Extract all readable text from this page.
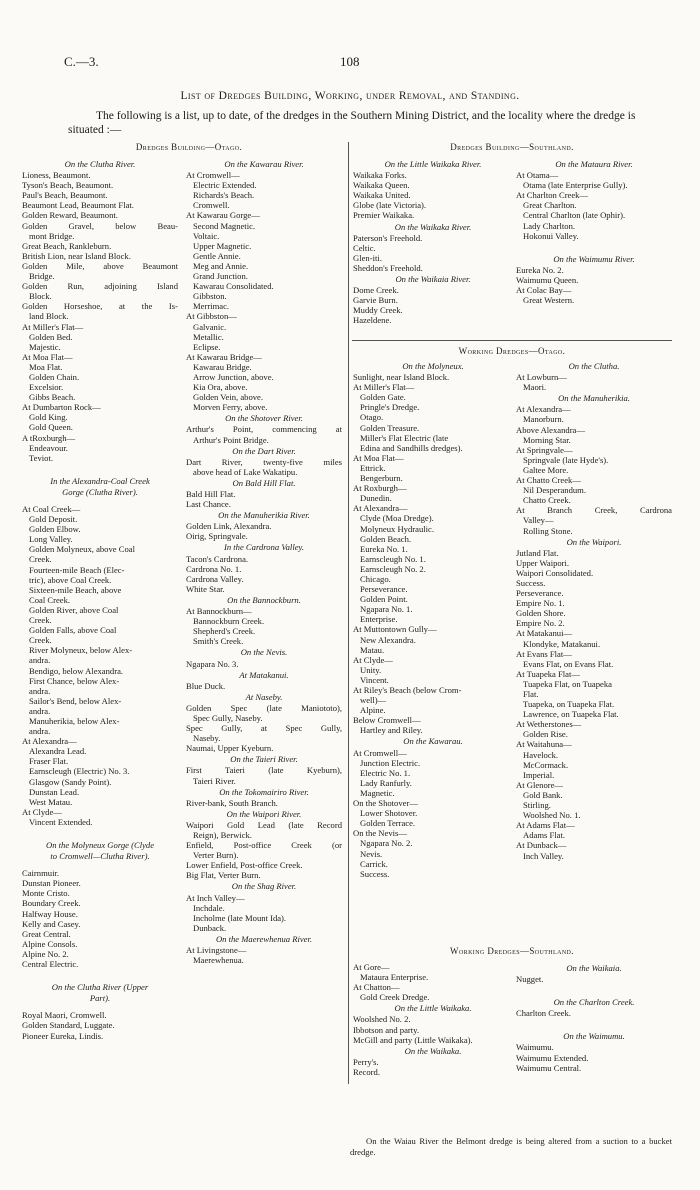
C.—3.	108
List of Dredges Building, Working, under Removal, and Standing.
The following is a list, up to date, of the dredges in the Southern Mining District, and the locality where the dredge is situated :—
Dredges Building—Otago.
On the Clutha River.
Lioness, Beaumont.
Tyson's Beach, Beaumont.
Paul's Beach, Beaumont.
Beaumont Lead, Beaumont Flat.
Golden Reward, Beaumont.
Golden Gravel, below Beau-
mont Bridge.
Great Beach, Rankleburn.
British Lion, near Island Block.
Golden Mile, above Beaumont
Bridge.
Golden Run, adjoining Island
Block.
Golden Horseshoe, at the Is-
land Block.
At Miller's Flat—
Golden Bed.
Majestic.
At Moa Flat—
Moa Flat.
Golden Chain.
Excelsior.
Gibbs Beach.
At Dumbarton Rock—
Gold King.
Gold Queen.
A tRoxburgh—
Endeavour.
Teviot.
In the Alexandra-Coal Creek
Gorge (Clutha River).
At Coal Creek—
Gold Deposit.
Golden Elbow.
Long Valley.
Golden Molyneux, above Coal
Creek.
Fourteen-mile Beach (Elec-
tric), above Coal Creek.
Sixteen-mile Beach, above
Coal Creek.
Golden River, above Coal
Creek.
Golden Falls, above Coal
Creek.
River Molyneux, below Alex-
andra.
Bendigo, below Alexandra.
First Chance, below Alex-
andra.
Sailor's Bend, below Alex-
andra.
Manuherikia, below Alex-
andra.
At Alexandra—
Alexandra Lead.
Fraser Flat.
Earnscleugh (Electric) No. 3.
Glasgow (Sandy Point).
Dunstan Lead.
West Matau.
At Clyde—
Vincent Extended.
On the Molyneux Gorge (Clyde
to Cromwell—Clutha River).
Cairnmuir.
Dunstan Pioneer.
Monte Cristo.
Boundary Creek.
Halfway House.
Kelly and Casey.
Great Central.
Alpine Consols.
Alpine No. 2.
Central Electric.
On the Clutha River (Upper
Part).
Royal Maori, Cromwell.
Golden Standard, Luggate.
Pioneer Eureka, Lindis.
On the Kawarau River.
At Cromwell—
Electric Extended.
Richards's Beach.
Cromwell.
At Kawarau Gorge—
Second Magnetic.
Voltaic.
Upper Magnetic.
Gentle Annie.
Meg and Annie.
Grand Junction.
Kawarau Consolidated.
Gibbston.
Merrimac.
At Gibbston—
Galvanic.
Metallic.
Eclipse.
At Kawarau Bridge—
Kawarau Bridge.
Arrow Junction, above.
Kia Ora, above.
Golden Vein, above.
Morven Ferry, above.
On the Shotover River.
Arthur's Point, commencing at
Arthur's Point Bridge.
On the Dart River.
Dart River, twenty-five miles
above head of Lake Wakatipu.
On Bald Hill Flat.
Bald Hill Flat.
Last Chance.
On the Manuherikia River.
Golden Link, Alexandra.
Oirig, Springvale.
In the Cardrona Valley.
Tacon's Cardrona.
Cardrona No. 1.
Cardrona Valley.
White Star.
On the Bannockburn.
At Bannockburn—
Bannockburn Creek.
Shepherd's Creek.
Smith's Creek.
On the Nevis.
Ngapara No. 3.
At Matakanui.
Blue Duck.
At Naseby.
Golden Spec (late Maniototo),
Spec Gully, Naseby.
Spec Gully, at Spec Gully,
Naseby.
Naumai, Upper Kyeburn.
On the Taieri River.
First Taieri (late Kyeburn),
Taieri River.
On the Tokomairiro River.
River-bank, South Branch.
On the Waipori River.
Waipori Gold Lead (late Record
Reign), Berwick.
Enfield, Post-office Creek (or
Verter Burn).
Lower Enfield, Post-office Creek.
Big Flat, Verter Burn.
On the Shag River.
At Inch Valley—
Inchdale.
Incholme (late Mount Ida).
Dunback.
On the Maerewhenua River.
At Livingstone—
Maerewhenua.
Dredges Building—Southland.
On the Little Waikaka River.
Waikaka Forks.
Waikaka Queen.
Waikaka United.
Globe (late Victoria).
Premier Waikaka.
On the Waikaka River.
Paterson's Freehold.
Celtic.
Glen-iti.
Sheddon's Freehold.
On the Waikaia River.
Dome Creek.
Garvie Burn.
Muddy Creek.
Hazeldene.
On the Mataura River.
At Otama—
Otama (late Enterprise Gully).
At Charlton Creek—
Great Charlton.
Central Charlton (late Ophir).
Lady Charlton.
Hokonui Valley.
On the Waimumu River.
Eureka No. 2.
Waimumu Queen.
At Colac Bay—
Great Western.
Working Dredges—Otago.
On the Molyneux.
Sunlight, near Island Block.
At Miller's Flat—
Golden Gate.
Pringle's Dredge.
Otago.
Golden Treasure.
Miller's Flat Electric (late
Edina and Sandhills dredges).
At Moa Flat—
Ettrick.
Bengerburn.
At Roxburgh—
Dunedin.
At Alexandra—
Clyde (Moa Dredge).
Molyneux Hydraulic.
Golden Beach.
Eureka No. 1.
Earnscleugh No. 1.
Earnscleugh No. 2.
Chicago.
Perseverance.
Golden Point.
Ngapara No. 1.
Enterprise.
At Muttontown Gully—
New Alexandra.
Matau.
At Clyde—
Unity.
Vincent.
At Riley's Beach (below Crom-
well)—
Alpine.
Below Cromwell—
Hartley and Riley.
On the Kawarau.
At Cromwell—
Junction Electric.
Electric No. 1.
Lady Ranfurly.
Magnetic.
On the Shotover—
Lower Shotover.
Golden Terrace.
On the Nevis—
Ngapara No. 2.
Nevis.
Carrick.
Success.
On the Clutha.
At Lowburn—
Maori.
On the Manuherikia.
At Alexandra—
Manorburn.
Above Alexandra—
Morning Star.
At Springvale—
Springvale (late Hyde's).
Galtee More.
At Chatto Creek—
Nil Desperandum.
Chatto Creek.
At Branch Creek, Cardrona
Valley—
Rolling Stone.
On the Waipori.
Jutland Flat.
Upper Waipori.
Waipori Consolidated.
Success.
Perseverance.
Empire No. 1.
Golden Shore.
Empire No. 2.
At Matakanui—
Klondyke, Matakanui.
At Evans Flat—
Evans Flat, on Evans Flat.
At Tuapeka Flat—
Tuapeka Flat, on Tuapeka
Flat.
Tuapeka, on Tuapeka Flat.
Lawrence, on Tuapeka Flat.
At Wetherstones—
Golden Rise.
At Waitahuna—
Havelock.
McCormack.
Imperial.
At Glenore—
Gold Bank.
Stirling.
Woolshed No. 1.
At Adams Flat—
Adams Flat.
At Dunback—
Inch Valley.
Working Dredges—Southland.
At Gore—
Mataura Enterprise.
At Chatton—
Gold Creek Dredge.
On the Little Waikaka.
Woolshed No. 2.
Ibbotson and party.
McGill and party (Little Waikaka).
On the Waikaka.
Perry's.
Record.
On the Waikaia.
Nugget.
On the Charlton Creek.
Charlton Creek.
On the Waimumu.
Waimumu.
Waimumu Extended.
Waimumu Central.
On the Waiau River the Belmont dredge is being altered from a suction to a bucket dredge.
